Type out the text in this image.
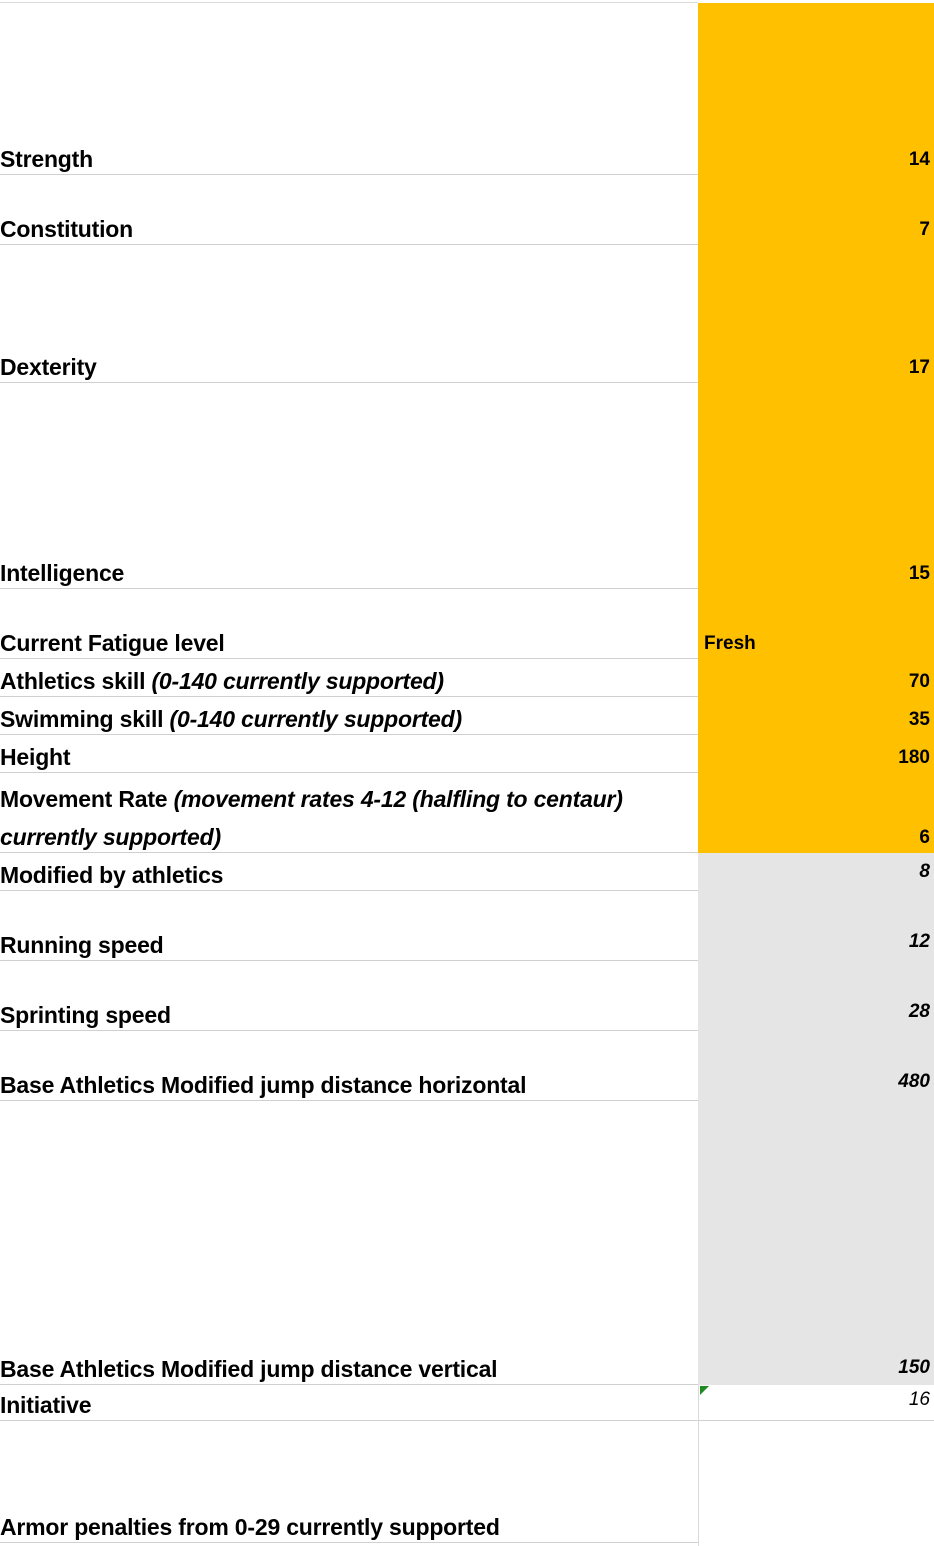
Strength	14
Constitution	7
Dexterity	17
Intelligence	15
Current Fatigue level	Fresh
Athletics skill (0-140 currently supported)	70
Swimming skill (0-140 currently supported)	35
Height	180
Movement Rate (movement rates 4-12 (halfling to centaur)
currently supported)	6
Modified by athletics	8
Running speed	12
Sprinting speed	28
Base Athletics Modified jump distance horizontal	480
Base Athletics Modified jump distance vertical	150
Initiative	16
Armor penalties from 0-29 currently supported
